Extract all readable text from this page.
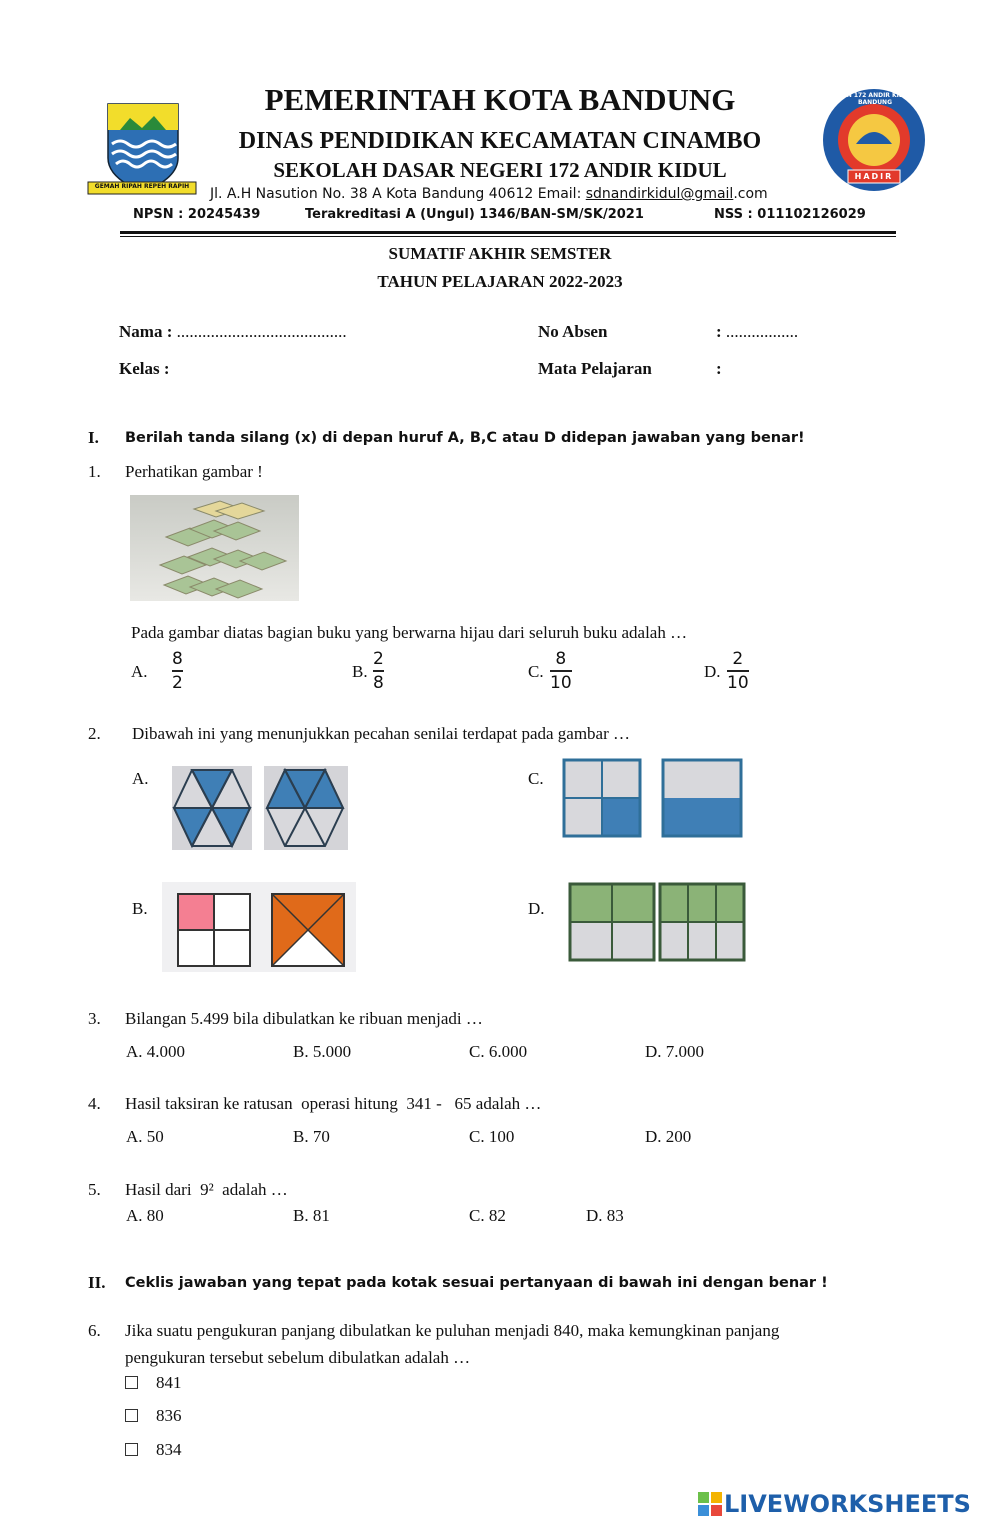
GEMAH RIPAH REPEH RAPIH
SDN 172 ANDIR KIDUL BANDUNG
HADIR
PEMERINTAH KOTA BANDUNG
DINAS PENDIDIKAN KECAMATAN CINAMBO
SEKOLAH DASAR NEGERI 172 ANDIR KIDUL
Jl. A.H Nasution No. 38 A Kota Bandung 40612 Email: sdnandirkidul@gmail.com
NPSN : 20245439	Terakreditasi A (Ungul) 1346/BAN-SM/SK/2021	NSS : 011102126029
SUMATIF AKHIR SEMSTER
TAHUN PELAJARAN 2022-2023
Nama : ........................................
Kelas :
No Absen	: .................
Mata Pelajaran	:
I. Berilah tanda silang (x) di depan huruf A, B,C atau D didepan jawaban yang benar!
1. Perhatikan gambar !
Pada gambar diatas bagian buku yang berwarna hijau dari seluruh buku adalah …
A.
8
2
B.
2
8
C.
8
10
D.
2
10
2. Dibawah ini yang menunjukkan pecahan senilai terdapat pada gambar …
A.	C.
B.	D.
3. Bilangan 5.499 bila dibulatkan ke ribuan menjadi …
A. 4.000	B. 5.000	C. 6.000	D. 7.000
4. Hasil taksiran ke ratusan  operasi hitung  341 -   65 adalah …
A. 50	B. 70	C. 100	D. 200
5. Hasil dari  9²  adalah …
A. 80	B. 81	C. 82	D. 83
II. Ceklis jawaban yang tepat pada kotak sesuai pertanyaan di bawah ini dengan benar !
6. Jika suatu pengukuran panjang dibulatkan ke puluhan menjadi 840, maka kemungkinan panjang
pengukuran tersebut sebelum dibulatkan adalah …
841
836
834
LIVEWORKSHEETS
